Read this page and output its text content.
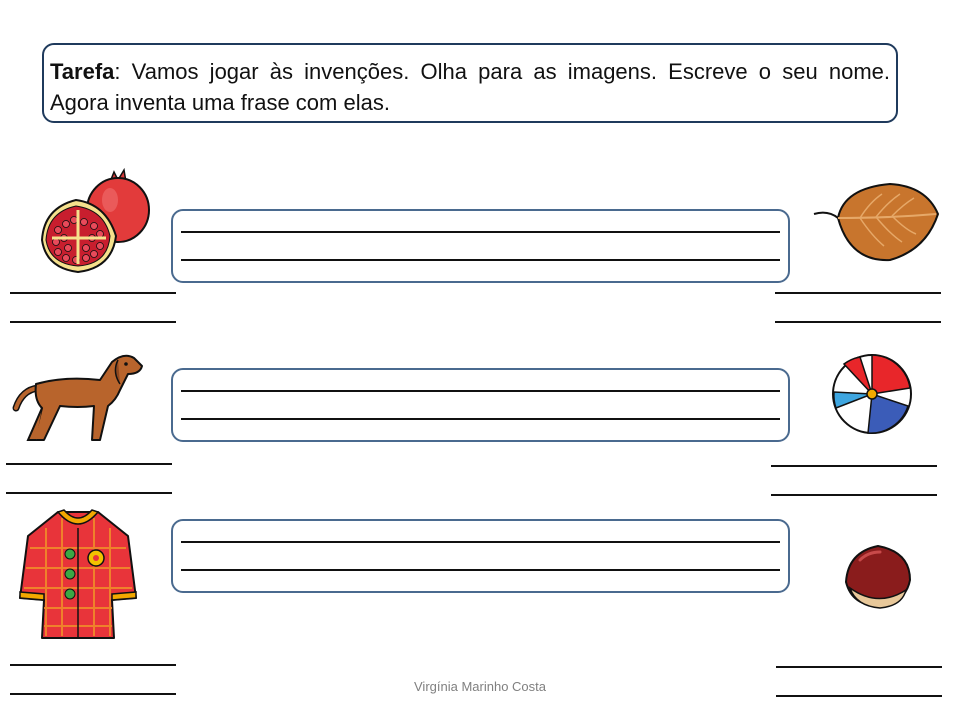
Tarefa: Vamos jogar às invenções. Olha para as imagens. Escreve o seu nome. Agora inventa uma frase com elas.
Virgínia Marinho Costa
